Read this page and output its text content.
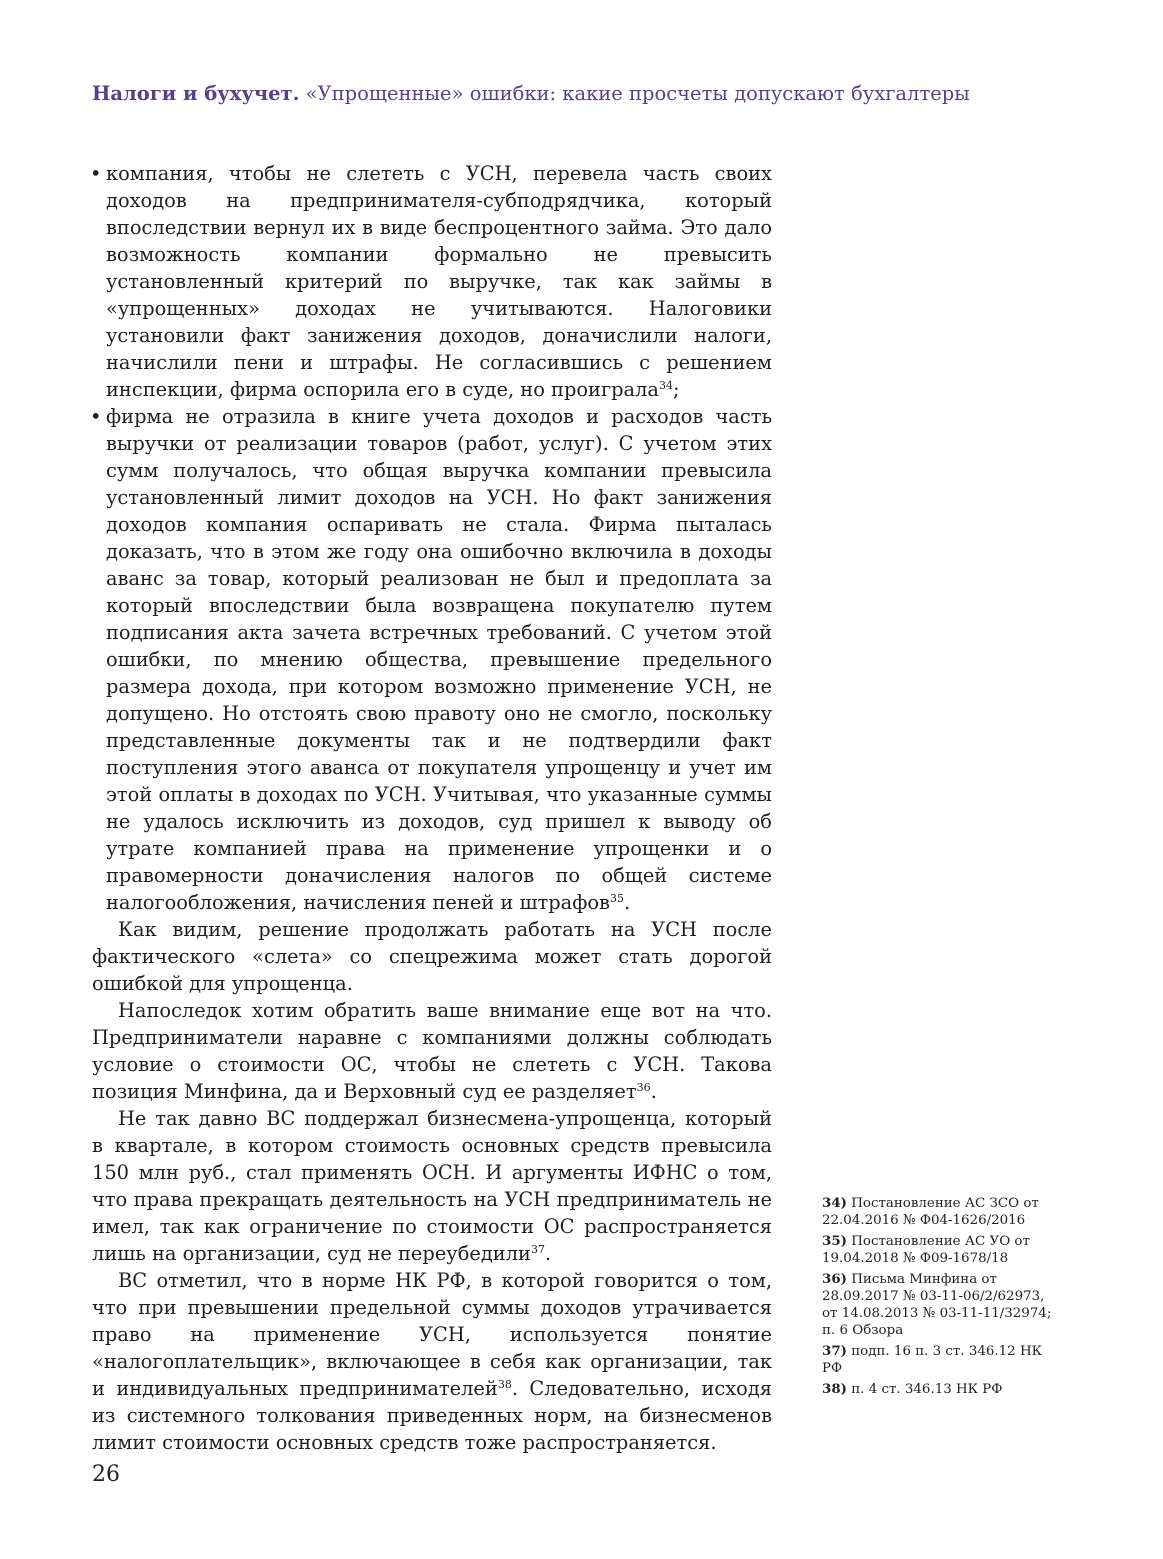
Налоги и бухучет. «Упрощенные» ошибки: какие просчеты допускают бухгалтеры

• компания, чтобы не слететь с УСН, перевела часть своих доходов на предпринимателя-субподрядчика, который впоследствии вернул их в виде беспроцентного займа. Это дало возможность компании формально не превысить установленный критерий по выручке, так как займы в «упрощенных» доходах не учитываются. Налоговики установили факт занижения доходов, доначислили налоги, начислили пени и штрафы. Не согласившись с решением инспекции, фирма оспорила его в суде, но проиграла$^{34}$;

• фирма не отразила в книге учета доходов и расходов часть выручки от реализации товаров (работ, услуг). С учетом этих сумм получалось, что общая выручка компании превысила установленный лимит доходов на УСН. Но факт занижения доходов компания оспаривать не стала. Фирма пыталась доказать, что в этом же году она ошибочно включила в доходы аванс за товар, который реализован не был и предоплата за который впоследствии была возвращена покупателю путем подписания акта зачета встречных требований. С учетом этой ошибки, по мнению общества, превышение предельного размера дохода, при котором возможно применение УСН, не допущено. Но отстоять свою правоту оно не смогло, поскольку представленные документы так и не подтвердили факт поступления этого аванса от покупателя упрощенцу и учет им этой оплаты в доходах по УСН. Учитывая, что указанные суммы не удалось исключить из доходов, суд пришел к выводу об утрате компанией права на применение упрощенки и о правомерности доначисления налогов по общей системе налогообложения, начисления пеней и штрафов$^{35}$.

Как видим, решение продолжать работать на УСН после фактического «слета» со спецрежима может стать дорогой ошибкой для упрощенца.

Напоследок хотим обратить ваше внимание еще вот на что. Предприниматели наравне с компаниями должны соблюдать условие о стоимости ОС, чтобы не слететь с УСН. Такова позиция Минфина, да и Верховный суд ее разделяет$^{36}$.

Не так давно ВС поддержал бизнесмена-упрощенца, который в квартале, в котором стоимость основных средств превысила 150 млн руб., стал применять ОСН. И аргументы ИФНС о том, что права прекращать деятельность на УСН предприниматель не имел, так как ограничение по стоимости ОС распространяется лишь на организации, суд не переубедили$^{37}$.

ВС отметил, что в норме НК РФ, в которой говорится о том, что при превышении предельной суммы доходов утрачивается право на применение УСН, используется понятие «налогоплательщик», включающее в себя как организации, так и индивидуальных предпринимателей$^{38}$. Следовательно, исходя из системного толкования приведенных норм, на бизнесменов лимит стоимости основных средств тоже распространяется.

34) Постановление АС ЗСО от 22.04.2016 № Ф04-1626/2016

35) Постановление АС УО от 19.04.2018 № Ф09-1678/18

36) Письма Минфина от 28.09.2017 № 03-11-06/2/62973, от 14.08.2013 № 03-11-11/32974; п. 6 Обзора

37) подп. 16 п. 3 ст. 346.12 НК РФ

38) п. 4 ст. 346.13 НК РФ

26
